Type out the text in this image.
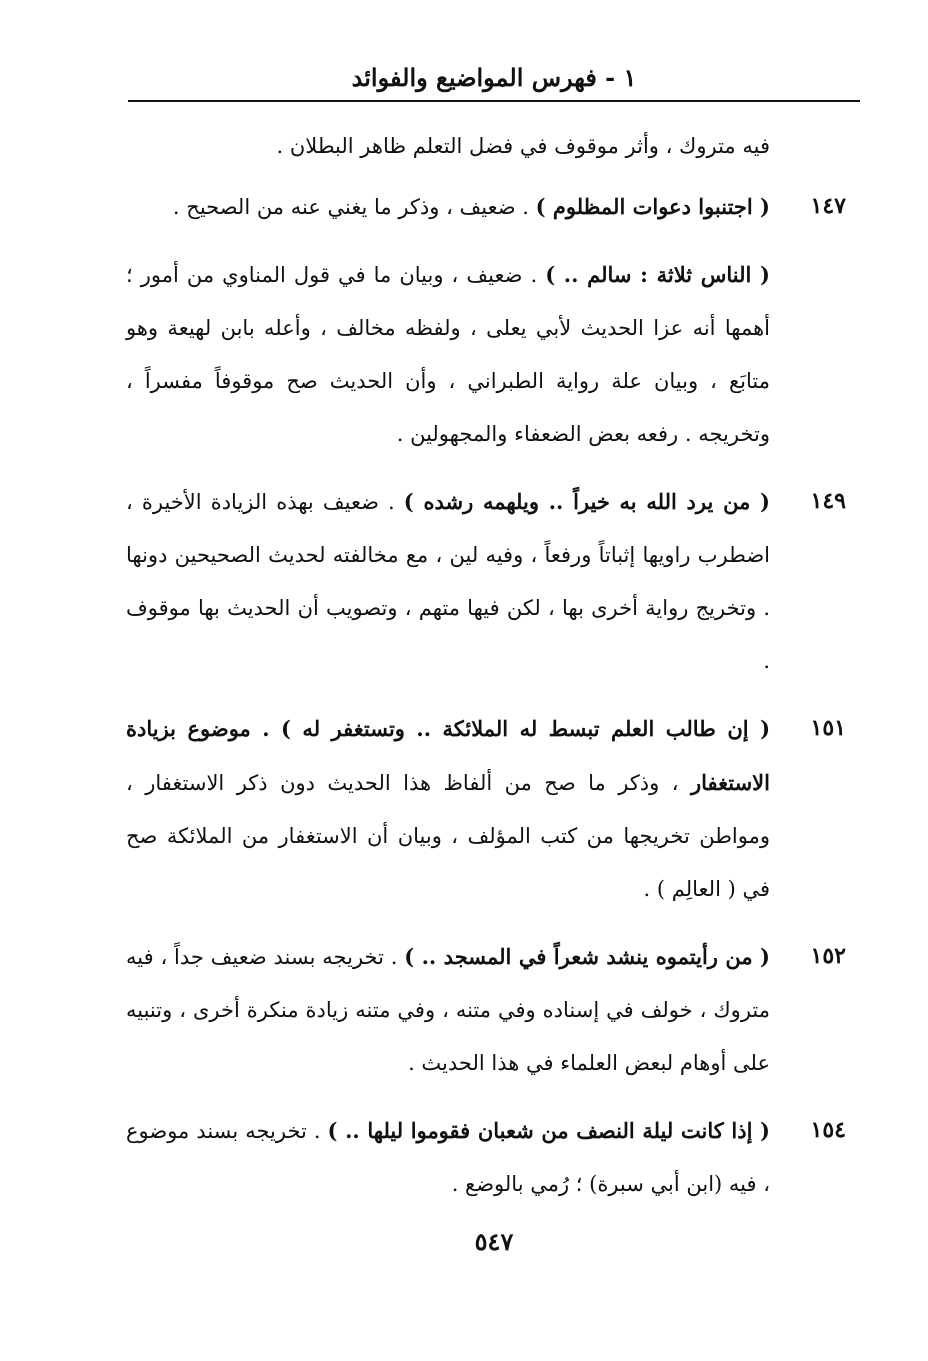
١ - فهرس المواضيع والفوائد
فيه متروك ، وأثر موقوف في فضل التعلم ظاهر البطلان .
١٤٧
( اجتنبوا دعوات المظلوم ) . ضعيف ، وذكر ما يغني عنه من الصحيح .
( الناس ثلاثة : سالم .. ) . ضعيف ، وبيان ما في قول المناوي من أمور ؛ أهمها أنه عزا الحديث لأبي يعلى ، ولفظه مخالف ، وأعله بابن لهيعة وهو متابَع ، وبيان علة رواية الطبراني ، وأن الحديث صح موقوفاً مفسراً ، وتخريجه . رفعه بعض الضعفاء والمجهولين .
١٤٩
( من يرد الله به خيراً .. ويلهمه رشده ) . ضعيف بهذه الزيادة الأخيرة ، اضطرب راويها إثباتاً ورفعاً ، وفيه لين ، مع مخالفته لحديث الصحيحين دونها . وتخريج رواية أخرى بها ، لكن فيها متهم ، وتصويب أن الحديث بها موقوف .
١٥١
( إن طالب العلم تبسط له الملائكة .. وتستغفر له ) . موضوع بزيادة الاستغفار ، وذكر ما صح من ألفاظ هذا الحديث دون ذكر الاستغفار ، ومواطن تخريجها من كتب المؤلف ، وبيان أن الاستغفار من الملائكة صح في ( العالِم ) .
١٥٢
( من رأيتموه ينشد شعراً في المسجد .. ) . تخريجه بسند ضعيف جداً ، فيه متروك ، خولف في إسناده وفي متنه ، وفي متنه زيادة منكرة أخرى ، وتنبيه على أوهام لبعض العلماء في هذا الحديث .
١٥٤
( إذا كانت ليلة النصف من شعبان فقوموا ليلها .. ) . تخريجه بسند موضوع ، فيه (ابن أبي سبرة) ؛ رُمي بالوضع .
٥٤٧
